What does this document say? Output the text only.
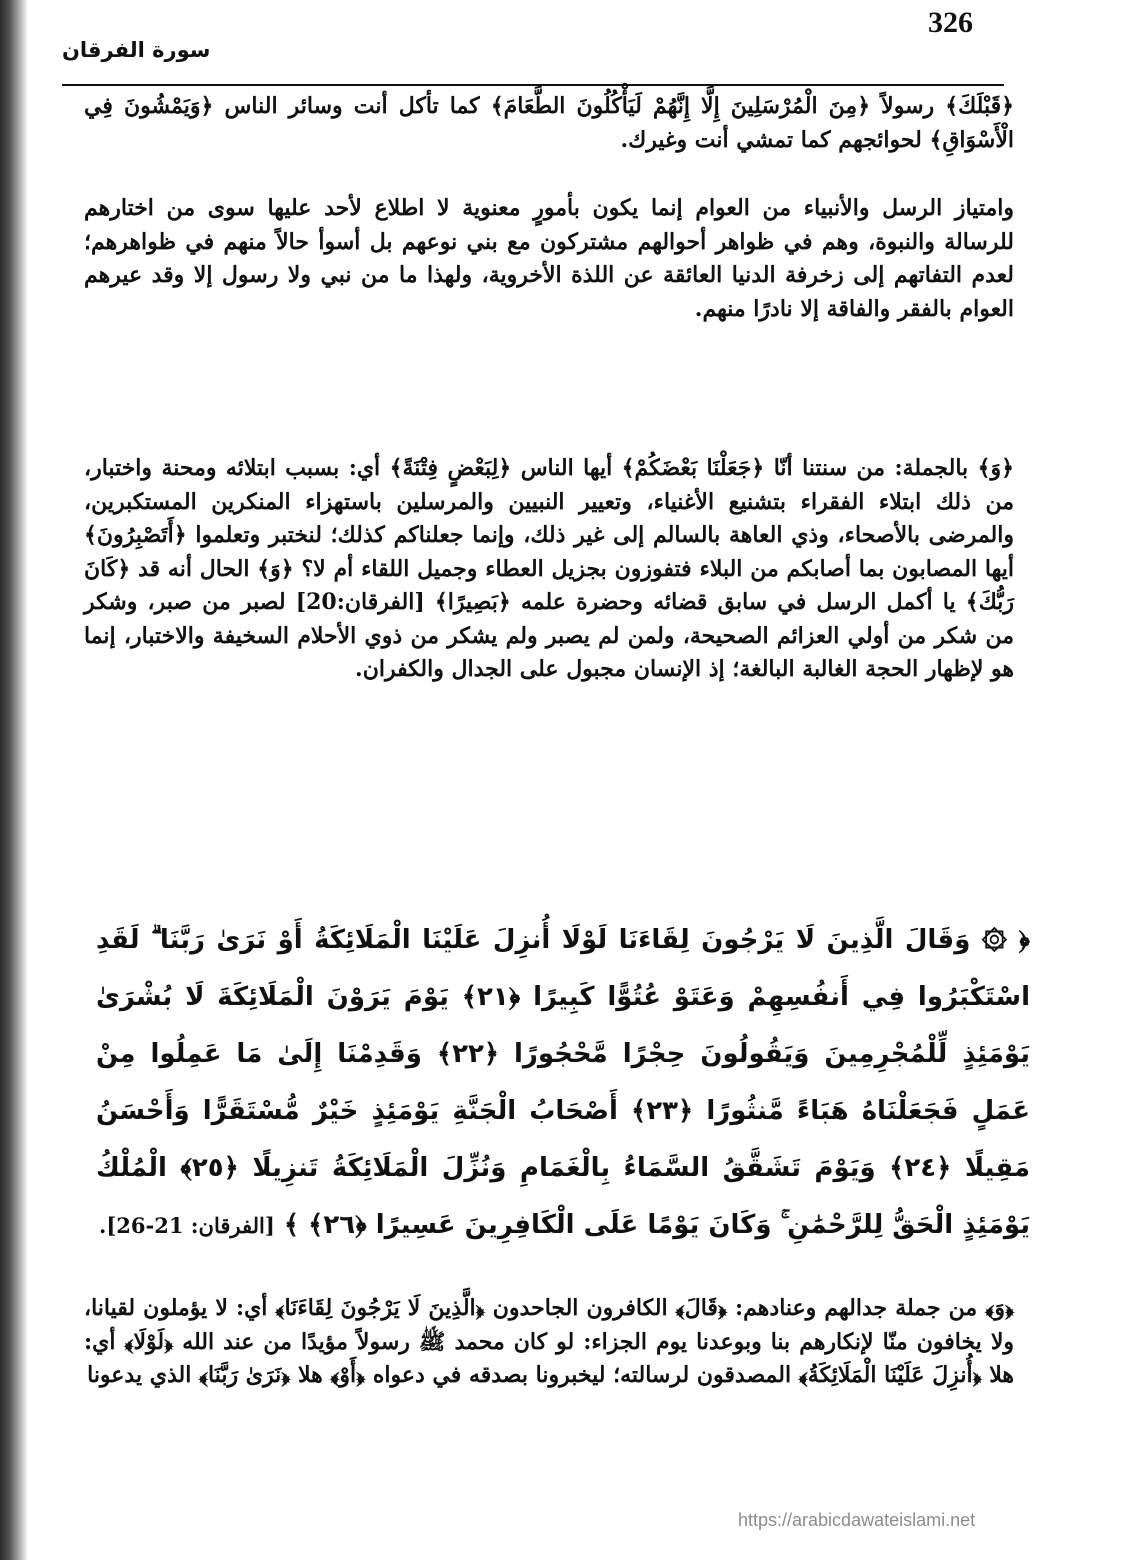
326
سورة الفرقان
﴿قَبْلَكَ﴾ رسولاً ﴿مِنَ الْمُرْسَلِينَ إِلَّا إِنَّهُمْ لَيَأْكُلُونَ الطَّعَامَ﴾ كما تأكل أنت وسائر الناس ﴿وَيَمْشُونَ فِي الْأَسْوَاقِ﴾ لحوائجهم كما تمشي أنت وغيرك.
وامتياز الرسل والأنبياء من العوام إنما يكون بأمورٍ معنوية لا اطلاع لأحد عليها سوى من اختارهم للرسالة والنبوة، وهم في ظواهر أحوالهم مشتركون مع بني نوعهم بل أسوأ حالاً منهم في ظواهرهم؛ لعدم التفاتهم إلى زخرفة الدنيا العائقة عن اللذة الأخروية، ولهذا ما من نبي ولا رسول إلا وقد عيرهم العوام بالفقر والفاقة إلا نادرًا منهم.
﴿وَ﴾ بالجملة: من سنتنا أنّا ﴿جَعَلْنَا بَعْضَكُمْ﴾ أيها الناس ﴿لِبَعْضٍ فِتْنَةً﴾ أي: بسبب ابتلائه ومحنة واختبار، من ذلك ابتلاء الفقراء بتشنيع الأغنياء، وتعيير النبيين والمرسلين باستهزاء المنكرين المستكبرين، والمرضى بالأصحاء، وذي العاهة بالسالم إلى غير ذلك، وإنما جعلناكم كذلك؛ لنختبر وتعلموا ﴿أَتَصْبِرُونَ﴾ أيها المصابون بما أصابكم من البلاء فتفوزون بجزيل العطاء وجميل اللقاء أم لا؟ ﴿وَ﴾ الحال أنه قد ﴿كَانَ رَبُّكَ﴾ يا أكمل الرسل في سابق قضائه وحضرة علمه ﴿بَصِيرًا﴾ [الفرقان:20] لصبر من صبر، وشكر من شكر من أولي العزائم الصحيحة، ولمن لم يصبر ولم يشكر من ذوي الأحلام السخيفة والاختبار، إنما هو لإظهار الحجة الغالبة البالغة؛ إذ الإنسان مجبول على الجدال والكفران.
﴿ ۞ وَقَالَ الَّذِينَ لَا يَرْجُونَ لِقَاءَنَا لَوْلَا أُنزِلَ عَلَيْنَا الْمَلَائِكَةُ أَوْ نَرَىٰ رَبَّنَا ۗ لَقَدِ اسْتَكْبَرُوا فِي أَنفُسِهِمْ وَعَتَوْ عُتُوًّا كَبِيرًا ﴿٢١﴾ يَوْمَ يَرَوْنَ الْمَلَائِكَةَ لَا بُشْرَىٰ يَوْمَئِذٍ لِّلْمُجْرِمِينَ وَيَقُولُونَ حِجْرًا مَّحْجُورًا ﴿٢٢﴾ وَقَدِمْنَا إِلَىٰ مَا عَمِلُوا مِنْ عَمَلٍ فَجَعَلْنَاهُ هَبَاءً مَّنثُورًا ﴿٢٣﴾ أَصْحَابُ الْجَنَّةِ يَوْمَئِذٍ خَيْرٌ مُّسْتَقَرًّا وَأَحْسَنُ مَقِيلًا ﴿٢٤﴾ وَيَوْمَ تَشَقَّقُ السَّمَاءُ بِالْغَمَامِ وَنُزِّلَ الْمَلَائِكَةُ تَنزِيلًا ﴿٢٥﴾ الْمُلْكُ يَوْمَئِذٍ الْحَقُّ لِلرَّحْمَٰنِ ۚ وَكَانَ يَوْمًا عَلَى الْكَافِرِينَ عَسِيرًا ﴿٢٦﴾ ﴾ [الفرقان: 21-26].
﴿وَ﴾ من جملة جدالهم وعنادهم: ﴿قَالَ﴾ الكافرون الجاحدون ﴿الَّذِينَ لَا يَرْجُونَ لِقَاءَنَا﴾ أي: لا يؤملون لقيانا، ولا يخافون منّا لإنكارهم بنا وبوعدنا يوم الجزاء: لو كان محمد ﷺ رسولاً مؤيدًا من عند الله ﴿لَوْلَا﴾ أي: هلا ﴿أُنزِلَ عَلَيْنَا الْمَلَائِكَةُ﴾ المصدقون لرسالته؛ ليخبرونا بصدقه في دعواه ﴿أَوْ﴾ هلا ﴿نَرَىٰ رَبَّنَا﴾ الذي يدعونا
https://arabicdawateislami.net
